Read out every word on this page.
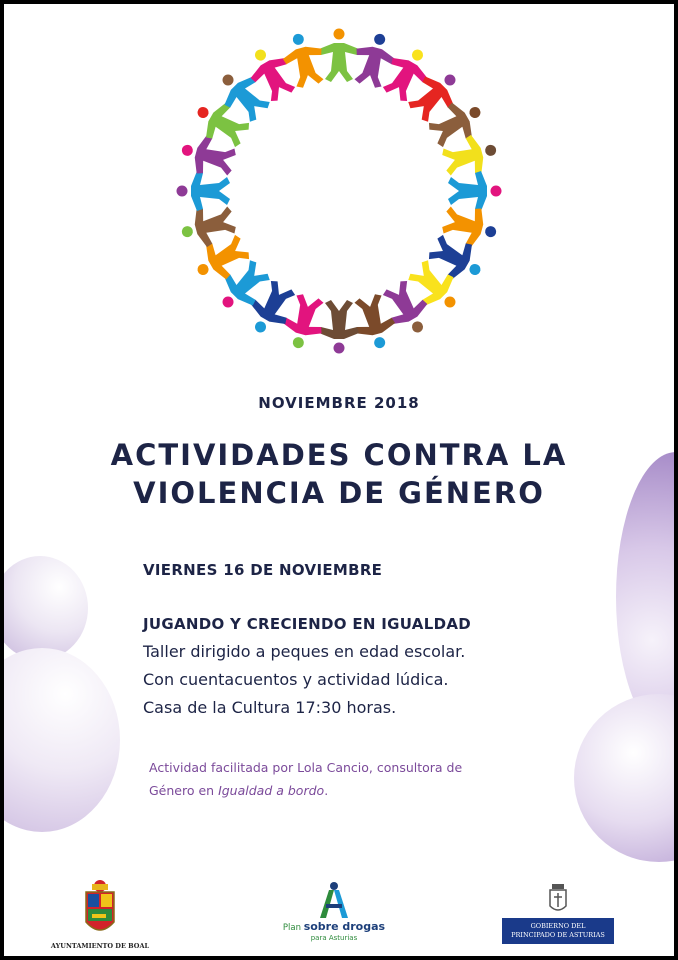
NOVIEMBRE 2018
ACTIVIDADES CONTRA LA
VIOLENCIA DE GÉNERO
VIERNES 16 DE NOVIEMBRE
JUGANDO Y CRECIENDO EN IGUALDAD
Taller dirigido a peques en edad escolar.
Con cuentacuentos y actividad lúdica.
Casa de la Cultura 17:30 horas.
Actividad facilitada por Lola Cancio, consultora de
Género en Igualdad a bordo.
AYUNTAMIENTO DE BOAL
Plan sobre drogas
para Asturias
GOBIERNO DEL
PRINCIPADO DE ASTURIAS
